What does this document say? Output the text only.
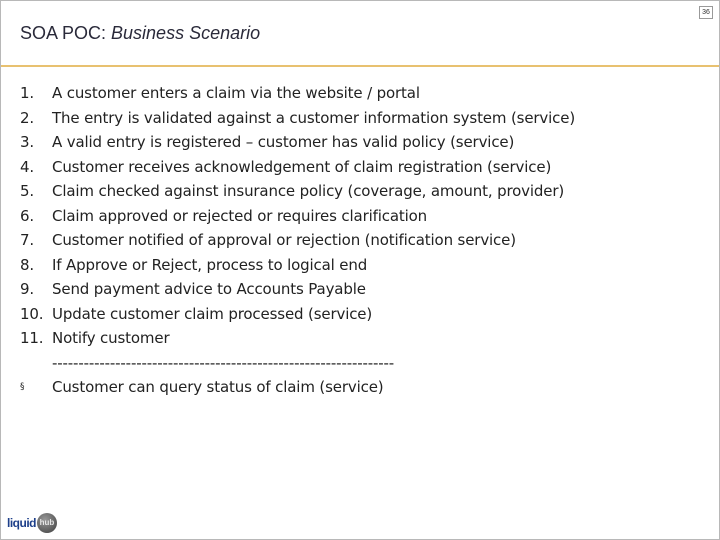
SOA POC: Business Scenario
36
1.	A customer enters a claim via the website / portal
2.	The entry is validated against a customer information system (service)
3.	A valid entry is registered – customer has valid policy (service)
4.	Customer receives acknowledgement of claim registration (service)
5.	Claim checked against insurance policy (coverage, amount, provider)
6.	Claim approved or rejected or requires clarification
7.	Customer notified of approval or rejection (notification service)
8.	If Approve or Reject, process to logical end
9.	Send payment advice to Accounts Payable
10. Update customer claim processed (service)
11. Notify customer
-----------------------------------------------------------------
§	Customer can query status of claim (service)
liquid hub
